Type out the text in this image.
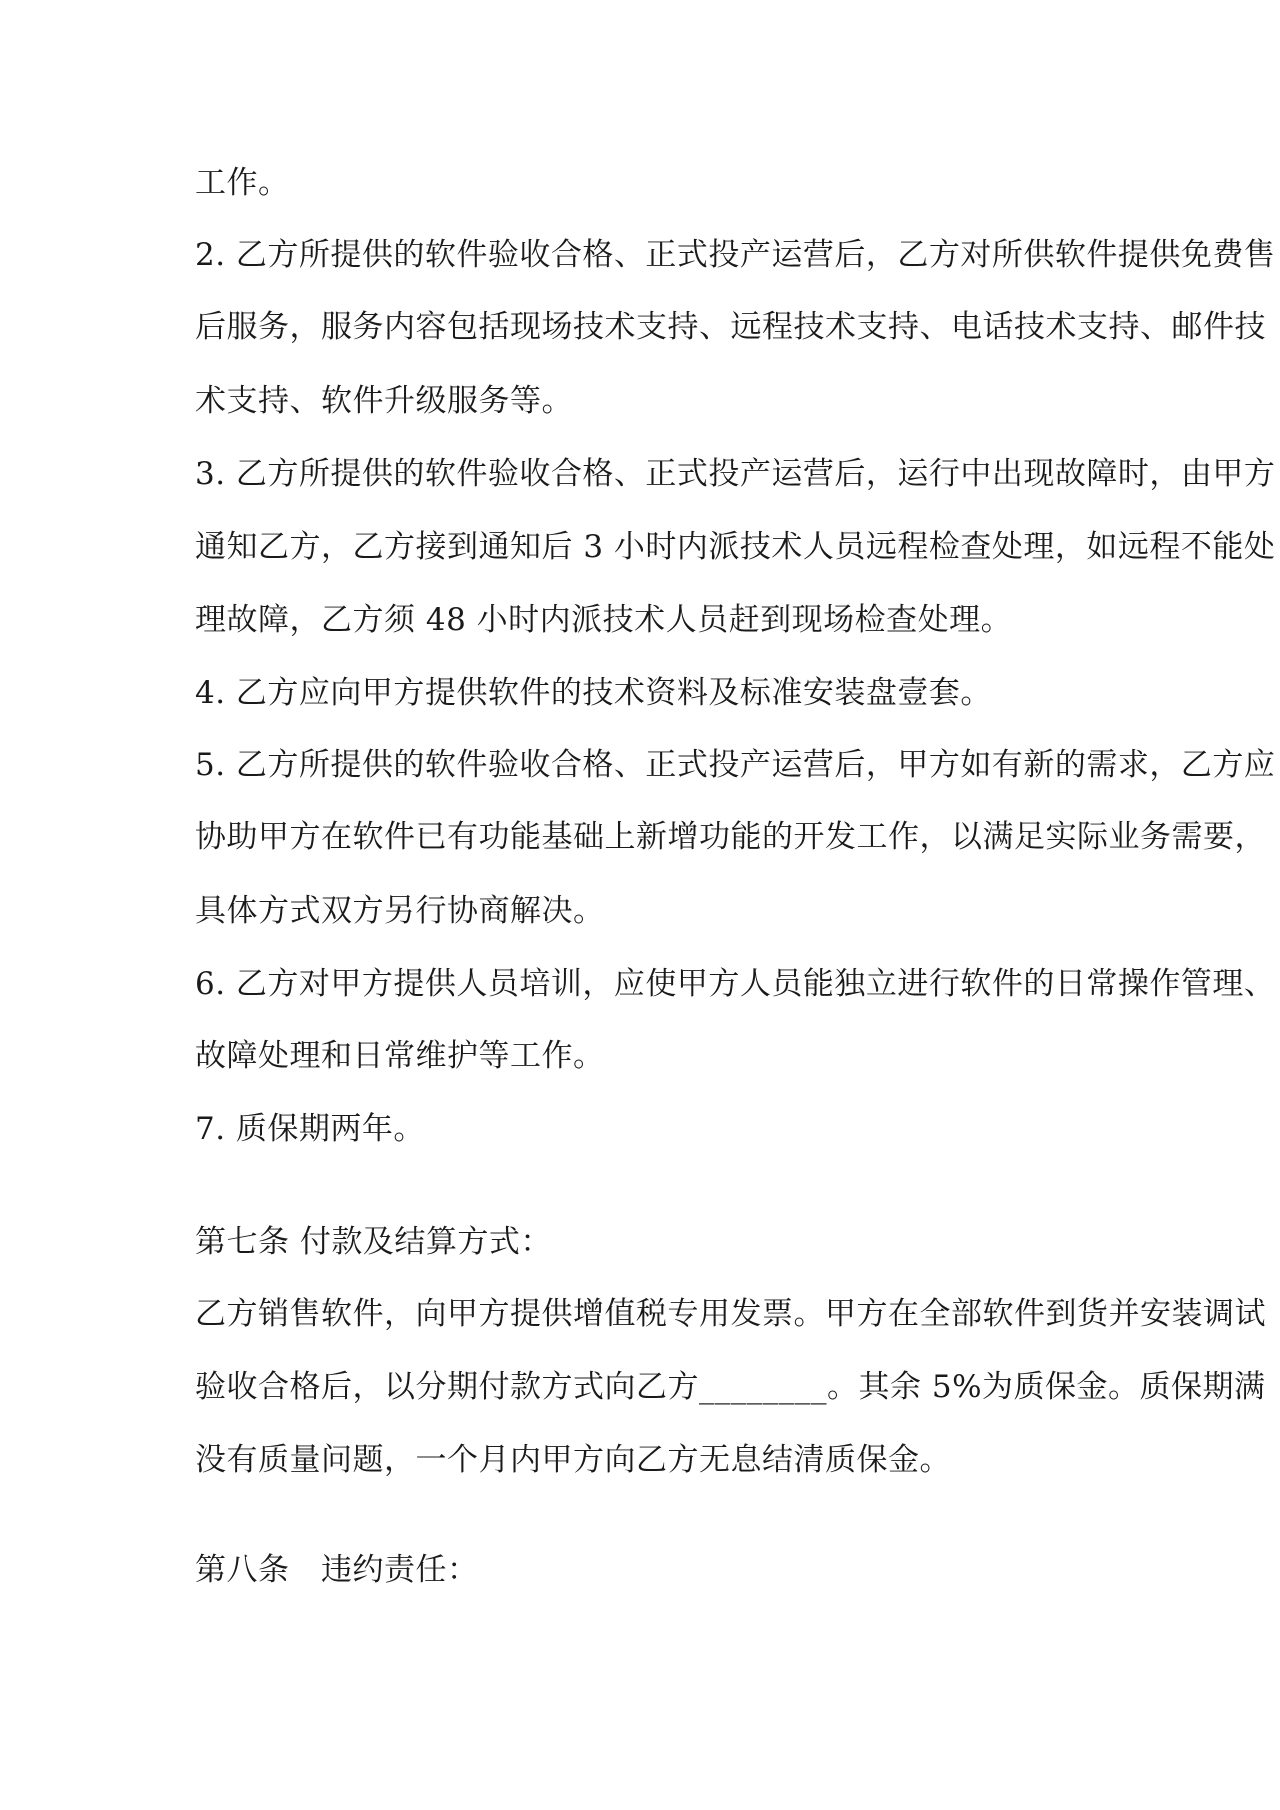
工作。
2. 乙方所提供的软件验收合格、正式投产运营后，乙方对所供软件提供免费售
后服务，服务内容包括现场技术支持、远程技术支持、电话技术支持、邮件技
术支持、软件升级服务等。
3. 乙方所提供的软件验收合格、正式投产运营后，运行中出现故障时，由甲方
通知乙方，乙方接到通知后 3 小时内派技术人员远程检查处理，如远程不能处
理故障，乙方须 48 小时内派技术人员赶到现场检查处理。
4. 乙方应向甲方提供软件的技术资料及标准安装盘壹套。
5. 乙方所提供的软件验收合格、正式投产运营后，甲方如有新的需求，乙方应
协助甲方在软件已有功能基础上新增功能的开发工作，以满足实际业务需要，
具体方式双方另行协商解决。
6. 乙方对甲方提供人员培训，应使甲方人员能独立进行软件的日常操作管理、
故障处理和日常维护等工作。
7. 质保期两年。
第七条 付款及结算方式：
乙方销售软件，向甲方提供增值税专用发票。甲方在全部软件到货并安装调试
验收合格后，以分期付款方式向乙方________。其余 5%为质保金。质保期满
没有质量问题，一个月内甲方向乙方无息结清质保金。
第八条　违约责任：
